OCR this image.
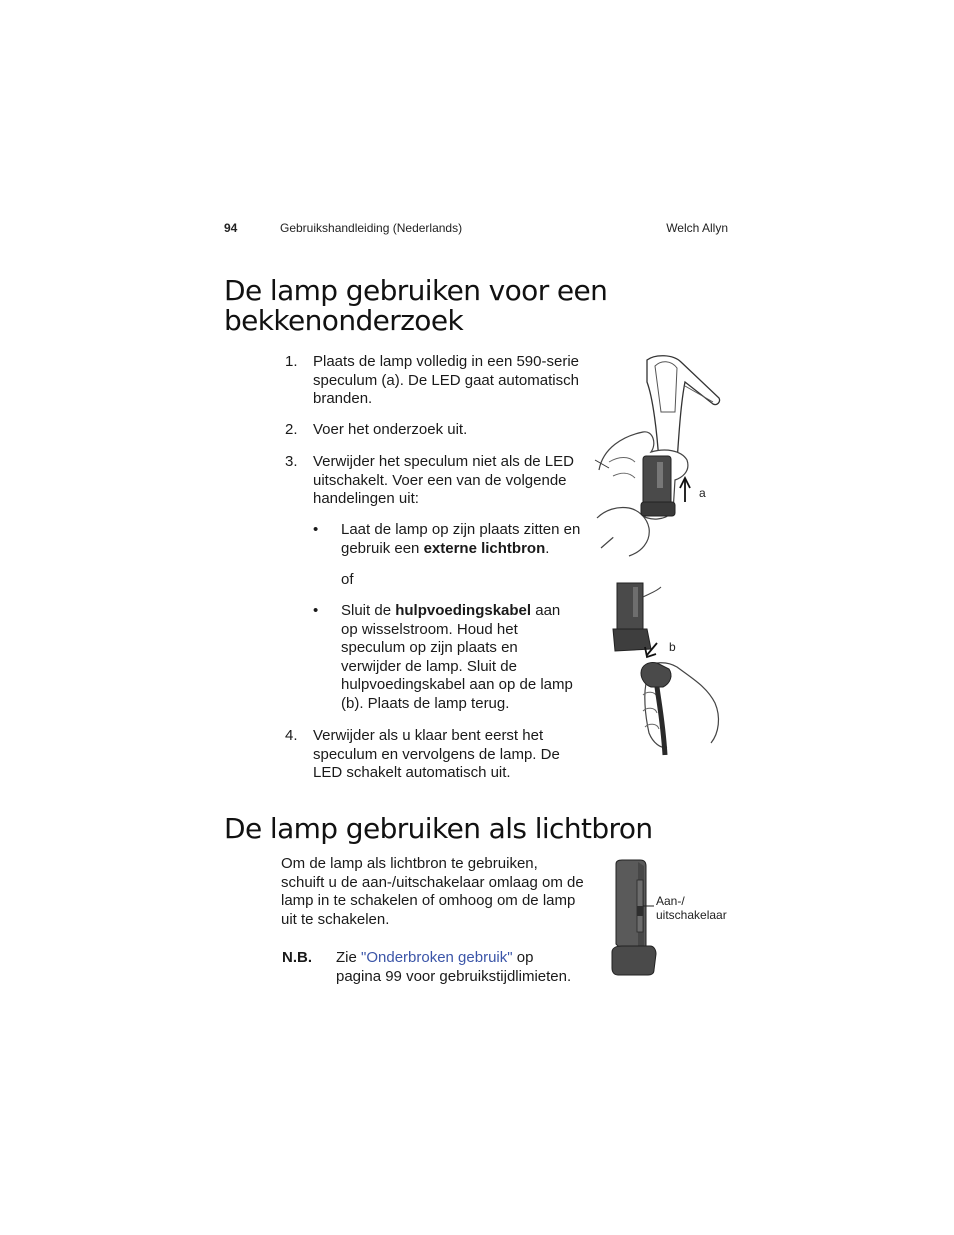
94	Gebruikshandleiding (Nederlands)	Welch Allyn
De lamp gebruiken voor een
bekkenonderzoek
1.	Plaats de lamp volledig in een 590-serie
speculum (a). De LED gaat automatisch
branden.
2.	Voer het onderzoek uit.
3.	Verwijder het speculum niet als de LED
uitschakelt. Voer een van de volgende
handelingen uit:
•	Laat de lamp op zijn plaats zitten en
gebruik een externe lichtbron.
of
•	Sluit de hulpvoedingskabel aan
op wisselstroom. Houd het
speculum op zijn plaats en
verwijder de lamp. Sluit de
hulpvoedingskabel aan op de lamp
(b). Plaats de lamp terug.
4.	Verwijder als u klaar bent eerst het
speculum en vervolgens de lamp. De
LED schakelt automatisch uit.
a
b
De lamp gebruiken als lichtbron
Om de lamp als lichtbron te gebruiken,
schuift u de aan-/uitschakelaar omlaag om de
lamp in te schakelen of omhoog om de lamp
uit te schakelen.
N.B. Zie "Onderbroken gebruik" op
pagina 99 voor gebruikstijdlimieten.
Aan-/
uitschakelaar
